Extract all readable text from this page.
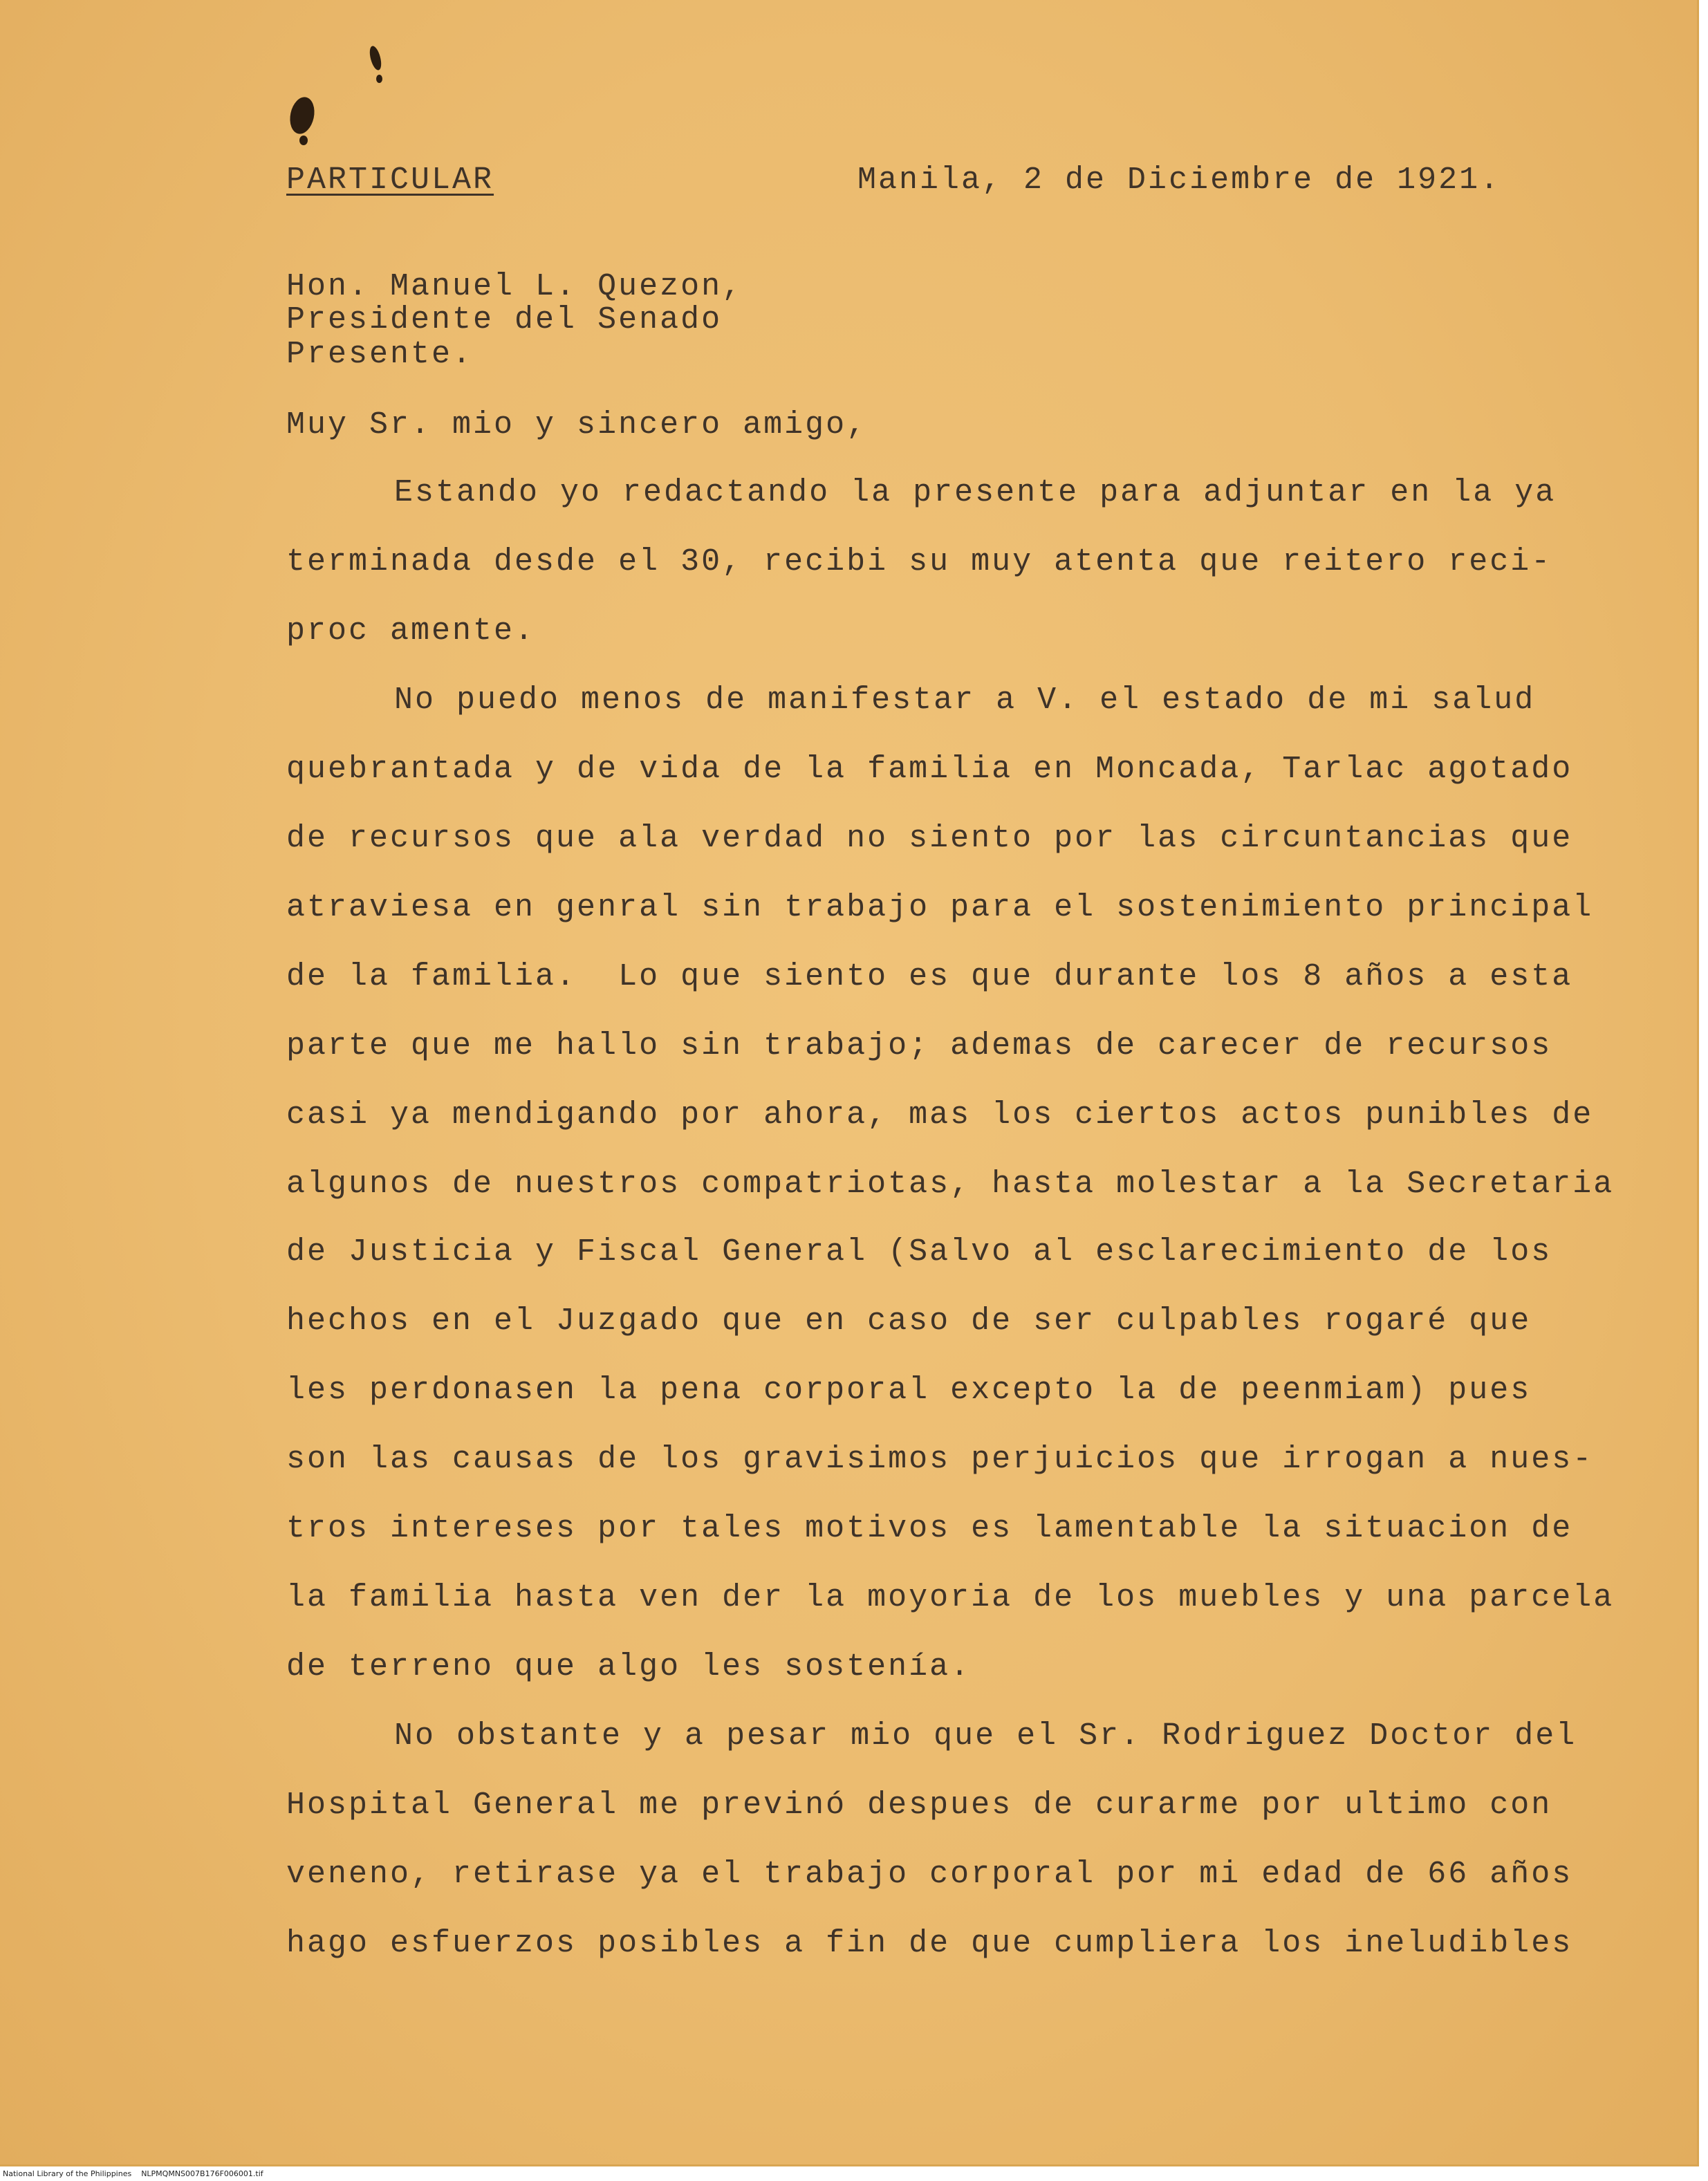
PARTICULAR	Manila, 2 de Diciembre de 1921.
Hon. Manuel L. Quezon,
Presidente del Senado
Presente.
Muy Sr. mio y sincero amigo,
Estando yo redactando la presente para adjuntar en la ya
terminada desde el 30, recibi su muy atenta que reitero reci-
proc amente.
No puedo menos de manifestar a V. el estado de mi salud
quebrantada y de vida de la familia en Moncada, Tarlac agotado
de recursos que ala verdad no siento por las circuntancias que
atraviesa en genral sin trabajo para el sostenimiento principal
de la familia.  Lo que siento es que durante los 8 años a esta
parte que me hallo sin trabajo; ademas de carecer de recursos
casi ya mendigando por ahora, mas los ciertos actos punibles de
algunos de nuestros compatriotas, hasta molestar a la Secretaria
de Justicia y Fiscal General (Salvo al esclarecimiento de los
hechos en el Juzgado que en caso de ser culpables rogaré que
les perdonasen la pena corporal excepto la de peenmiam) pues
son las causas de los gravisimos perjuicios que irrogan a nues-
tros intereses por tales motivos es lamentable la situacion de
la familia hasta ven der la moyoria de los muebles y una parcela
de terreno que algo les sostenía.
No obstante y a pesar mio que el Sr. Rodriguez Doctor del
Hospital General me previnó despues de curarme por ultimo con
veneno, retirase ya el trabajo corporal por mi edad de 66 años
hago esfuerzos posibles a fin de que cumpliera los ineludibles
National Library of the Philippines    NLPMQMNS007B176F006001.tif
